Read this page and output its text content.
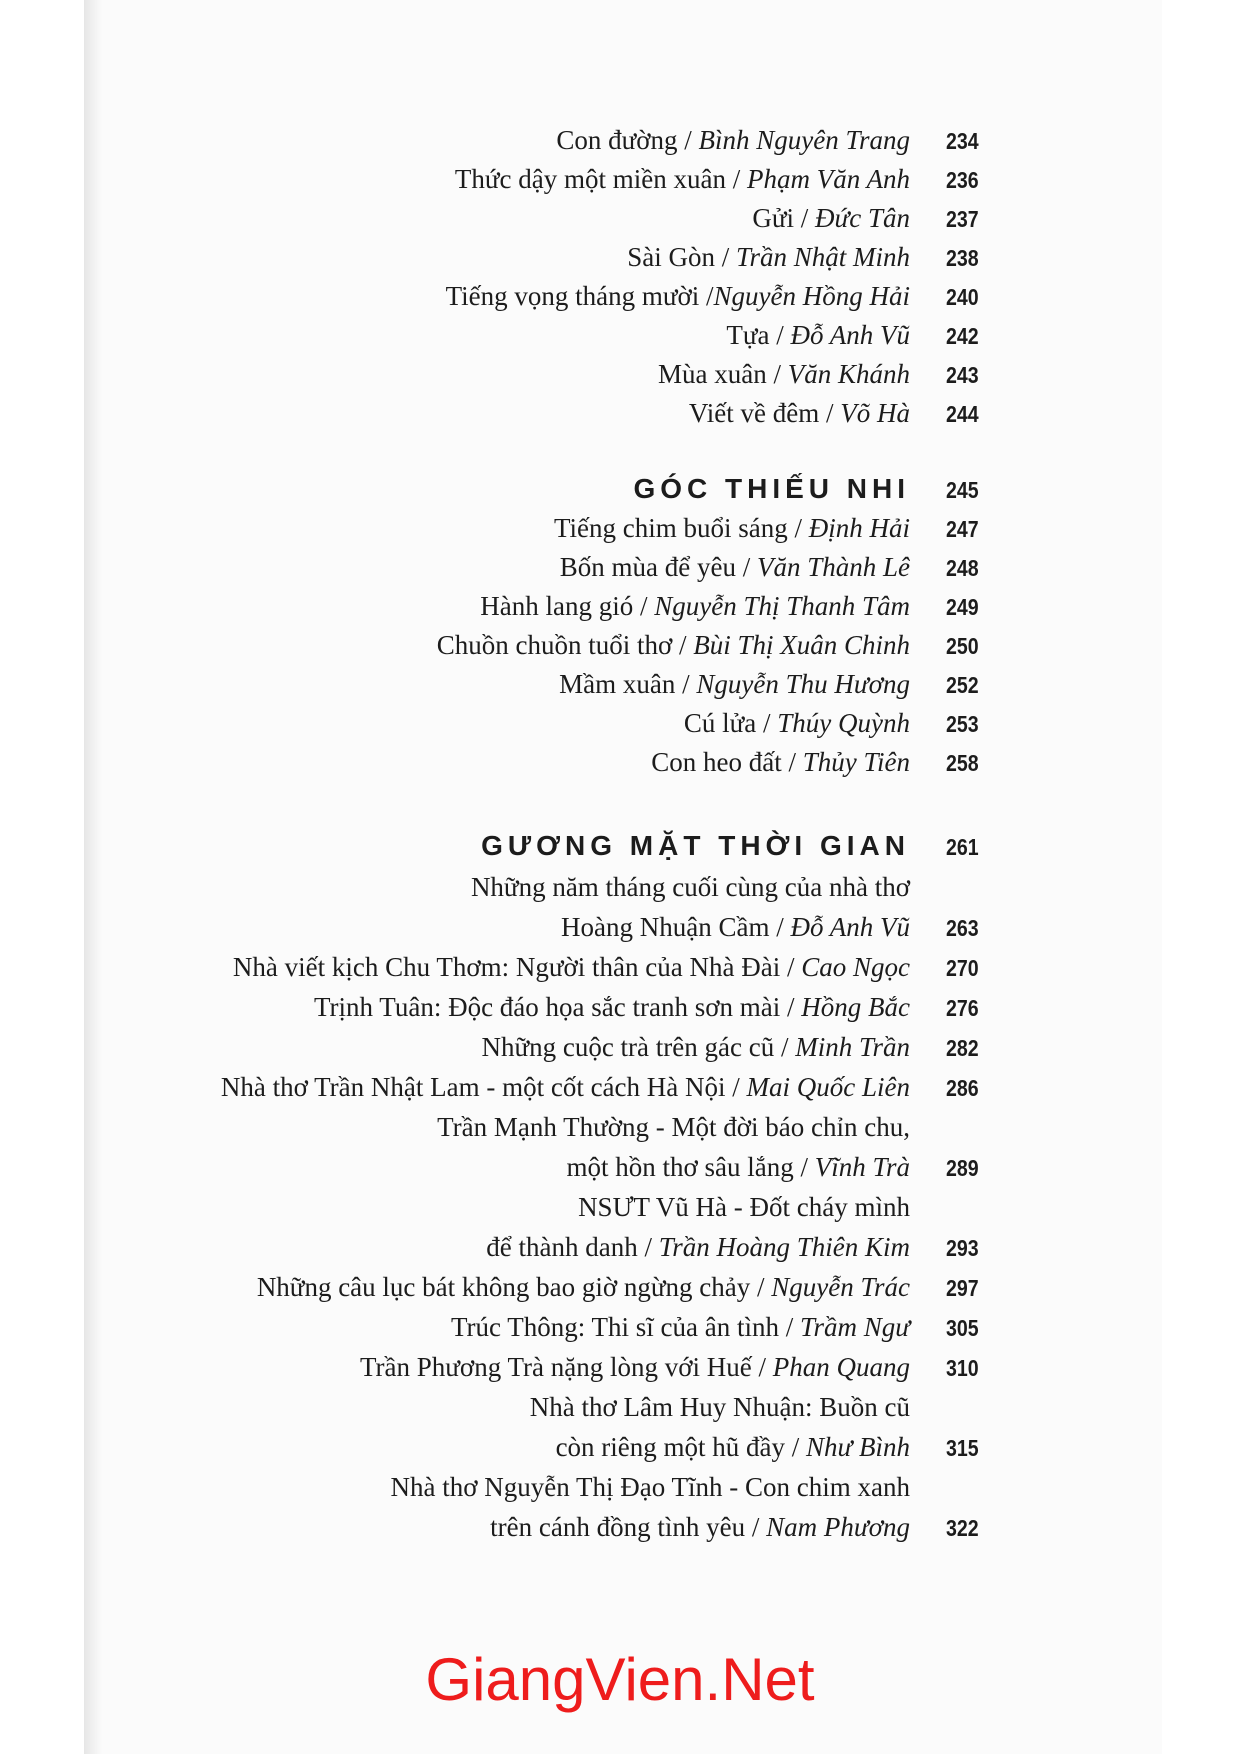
Con đường / Bình Nguyên Trang 234
Thức dậy một miền xuân / Phạm Văn Anh 236
Gửi / Đức Tân 237
Sài Gòn / Trần Nhật Minh 238
Tiếng vọng tháng mười /Nguyễn Hồng Hải 240
Tựa / Đỗ Anh Vũ 242
Mùa xuân / Văn Khánh 243
Viết về đêm / Võ Hà 244
GÓC THIẾU NHI 245
Tiếng chim buổi sáng / Định Hải 247
Bốn mùa để yêu / Văn Thành Lê 248
Hành lang gió / Nguyễn Thị Thanh Tâm 249
Chuồn chuồn tuổi thơ / Bùi Thị Xuân Chinh 250
Mầm xuân / Nguyễn Thu Hương 252
Cú lửa / Thúy Quỳnh 253
Con heo đất / Thủy Tiên 258
GƯƠNG MẶT THỜI GIAN 261
Những năm tháng cuối cùng của nhà thơ
Hoàng Nhuận Cầm / Đỗ Anh Vũ 263
Nhà viết kịch Chu Thơm: Người thân của Nhà Đài / Cao Ngọc 270
Trịnh Tuân: Độc đáo họa sắc tranh sơn mài / Hồng Bắc 276
Những cuộc trà trên gác cũ / Minh Trần 282
Nhà thơ Trần Nhật Lam - một cốt cách Hà Nội / Mai Quốc Liên 286
Trần Mạnh Thường - Một đời báo chỉn chu,
một hồn thơ sâu lắng / Vĩnh Trà 289
NSƯT Vũ Hà - Đốt cháy mình
để thành danh / Trần Hoàng Thiên Kim 293
Những câu lục bát không bao giờ ngừng chảy / Nguyễn Trác 297
Trúc Thông: Thi sĩ của ân tình / Trầm Ngư 305
Trần Phương Trà nặng lòng với Huế / Phan Quang 310
Nhà thơ Lâm Huy Nhuận: Buồn cũ
còn riêng một hũ đầy / Như Bình 315
Nhà thơ Nguyễn Thị Đạo Tĩnh - Con chim xanh
trên cánh đồng tình yêu / Nam Phương 322
GiangVien.Net
